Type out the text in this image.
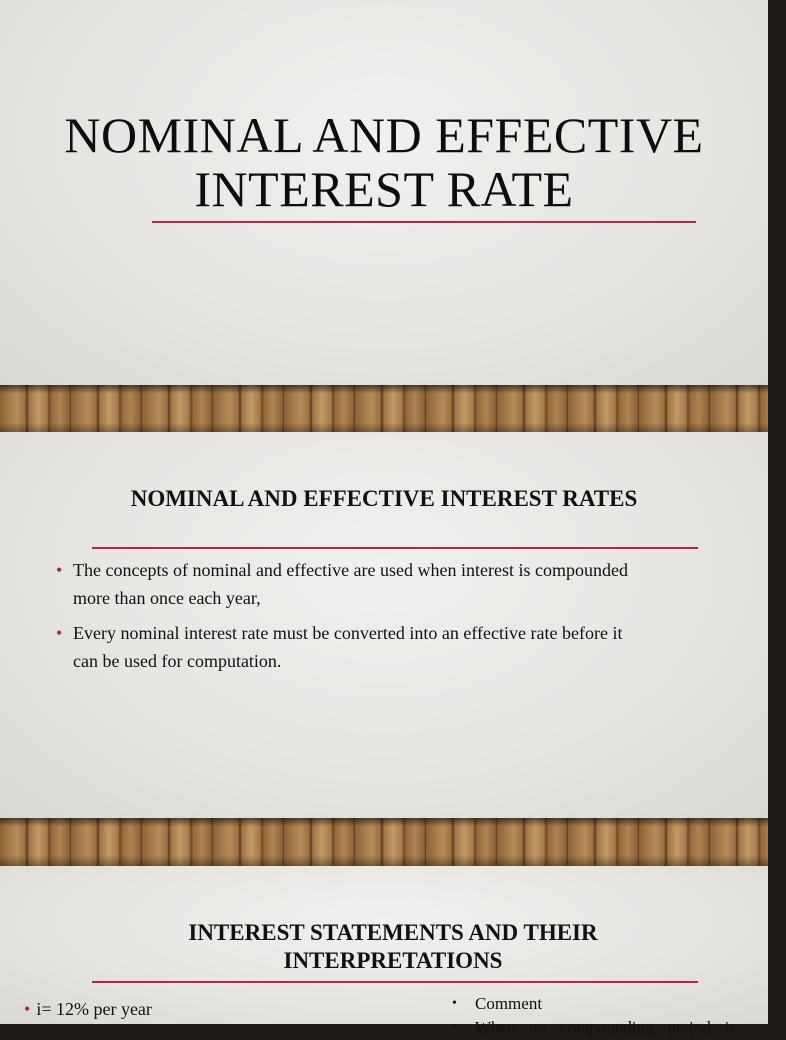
NOMINAL AND EFFECTIVE
INTEREST RATE
NOMINAL AND EFFECTIVE INTEREST RATES
• The concepts of nominal and effective are used when interest is compounded
more than once each year,
• Every nominal interest rate must be converted into an effective rate before it
can be used for computation.
INTEREST STATEMENTS AND THEIR
INTERPRETATIONS
• i= 12% per year	• Comment
• When no compounding period is
